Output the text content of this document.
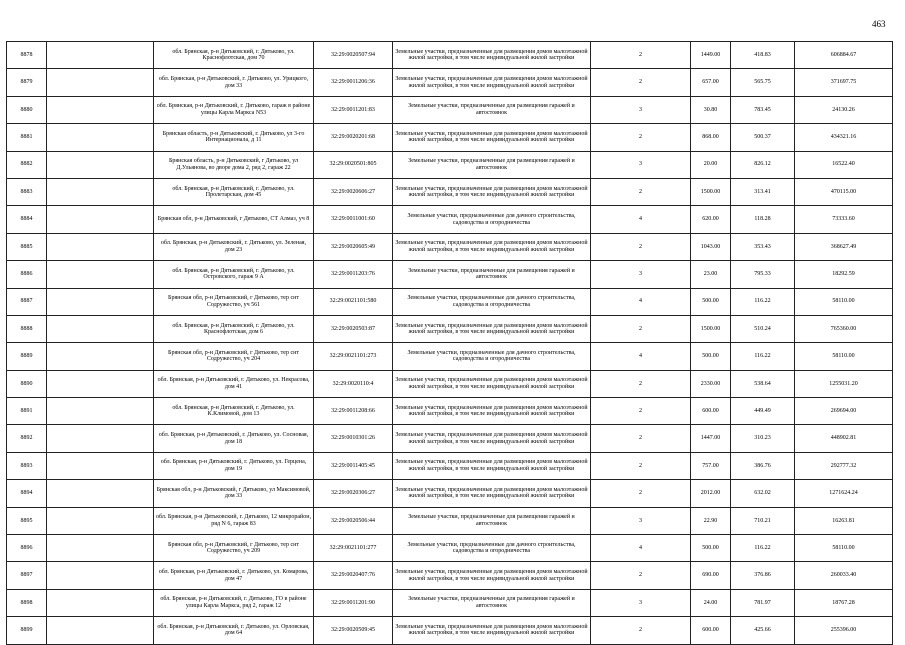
463
8878		обл. Брянская, р-н Дятьковский, г. Дятьково, ул. Краснофлотская, дом 70	32:29:0020507:94	Земельные участки, предназначенные для размещения домов малоэтажной жилой застройки, в том числе индивидуальной жилой застройки	2	1449.00	418.83	606884.67
8879		обл. Брянская, р-н Дятьковский, г. Дятьково, ул. Урицкого, дом 33	32:29:0011206:36	Земельные участки, предназначенные для размещения домов малоэтажной жилой застройки, в том числе индивидуальной жилой застройки	2	657.00	565.75	371697.75
8880		обл. Брянская, р-н Дятьковский, г. Дятьково, гараж в районе улицы Карла Маркса N53	32:29:0011201:83	Земельные участки, предназначенные для размещения гаражей и автостоянок	3	30.80	783.45	24130.26
8881		Брянская область, р-н Дятьковский, г. Дятьково, ул 3-го Интернационала, д 11	32:29:0020201:68	Земельные участки, предназначенные для размещения домов малоэтажной жилой застройки, в том числе индивидуальной жилой застройки	2	868.00	500.37	434321.16
8882		Брянская область, р-н Дятьковский, г Дятьково, ул Д.Ульянова, во дворе дома 2, ряд 2, гараж 22	32:29:0020501:805	Земельные участки, предназначенные для размещения гаражей и автостоянок	3	20.00	826.12	16522.40
8883		обл. Брянская, р-н Дятьковский, г. Дятьково, ул. Пролетарская, дом 45	32:29:0020606:27	Земельные участки, предназначенные для размещения домов малоэтажной жилой застройки, в том числе индивидуальной жилой застройки	2	1500.00	313.41	470115.00
8884		Брянская обл, р-н Дятьковский, г Дятьково, СТ Алмаз, уч 8	32:29:0011001:60	Земельные участки, предназначенные для дачного строительства, садоводства и огородничества	4	620.00	118.28	73333.60
8885		обл. Брянская, р-н Дятьковский, г. Дятьково, ул. Зеленая, дом 23	32:29:0020605:49	Земельные участки, предназначенные для размещения домов малоэтажной жилой застройки, в том числе индивидуальной жилой застройки	2	1043.00	353.43	368627.49
8886		обл. Брянская, р-н Дятьковский, г. Дятьково, ул. Островского, гараж 9 А	32:29:0011203:76	Земельные участки, предназначенные для размещения гаражей и автостоянок	3	23.00	795.33	18292.59
8887		Брянская обл, р-н Дятьковский, г Дятьково, тер снт Содружество, уч 561	32:29:0021101:580	Земельные участки, предназначенные для дачного строительства, садоводства и огородничества	4	500.00	116.22	58110.00
8888		обл. Брянская, р-н Дятьковский, г. Дятьково, ул. Краснофлотская, дом 6	32:29:0020503:87	Земельные участки, предназначенные для размещения домов малоэтажной жилой застройки, в том числе индивидуальной жилой застройки	2	1500.00	510.24	765360.00
8889		Брянская обл, р-н Дятьковский, г Дятьково, тер снт Содружество, уч 204	32:29:0021101:273	Земельные участки, предназначенные для дачного строительства, садоводства и огородничества	4	500.00	116.22	58110.00
8890		обл. Брянская, р-н Дятьковский, г. Дятьково, ул. Некрасова, дом 41	32:29:0020110:4	Земельные участки, предназначенные для размещения домов малоэтажной жилой застройки, в том числе индивидуальной жилой застройки	2	2330.00	538.64	1255031.20
8891		обл. Брянская, р-н Дятьковский, г. Дятьково, ул. К.Климовой, дом 13	32:29:0011208:66	Земельные участки, предназначенные для размещения домов малоэтажной жилой застройки, в том числе индивидуальной жилой застройки	2	600.00	449.49	269694.00
8892		обл. Брянская, р-н Дятьковский, г. Дятьково, ул. Сосновая, дом 18	32:29:0010301:26	Земельные участки, предназначенные для размещения домов малоэтажной жилой застройки, в том числе индивидуальной жилой застройки	2	1447.00	310.23	448902.81
8893		обл. Брянская, р-н Дятьковский, г. Дятьково, ул. Герцена, дом 19	32:29:0011405:45	Земельные участки, предназначенные для размещения домов малоэтажной жилой застройки, в том числе индивидуальной жилой застройки	2	757.00	386.76	292777.32
8894		Брянская обл, р-н Дятьковский, г Дятьково, ул Максимовой, дом 33	32:29:0020306:27	Земельные участки, предназначенные для размещения домов малоэтажной жилой застройки, в том числе индивидуальной жилой застройки	2	2012.00	632.02	1271624.24
8895		обл. Брянская, р-н Дятьковский, г. Дятьково, 12 микрорайон, ряд N 6, гараж 83	32:29:0020506:44	Земельные участки, предназначенные для размещения гаражей и автостоянок	3	22.90	710.21	16263.81
8896		Брянская обл, р-н Дятьковский, г Дятьково, тер снт Содружество, уч 209	32:29:0021101:277	Земельные участки, предназначенные для дачного строительства, садоводства и огородничества	4	500.00	116.22	58110.00
8897		обл. Брянская, р-н Дятьковский, г. Дятьково, ул. Комарова, дом 47	32:29:0020407:76	Земельные участки, предназначенные для размещения домов малоэтажной жилой застройки, в том числе индивидуальной жилой застройки	2	690.00	376.86	260033.40
8898		обл. Брянская, р-н Дятьковский, г. Дятьково, ГО в районе улицы Карла Маркса, ряд 2, гараж 12	32:29:0011201:90	Земельные участки, предназначенные для размещения гаражей и автостоянок	3	24.00	781.97	18767.28
8899		обл. Брянская, р-н Дятьковский, г. Дятьково, ул. Орловская, дом 64	32:29:0020509:45	Земельные участки, предназначенные для размещения домов малоэтажной жилой застройки, в том числе индивидуальной жилой застройки	2	600.00	425.66	255396.00
